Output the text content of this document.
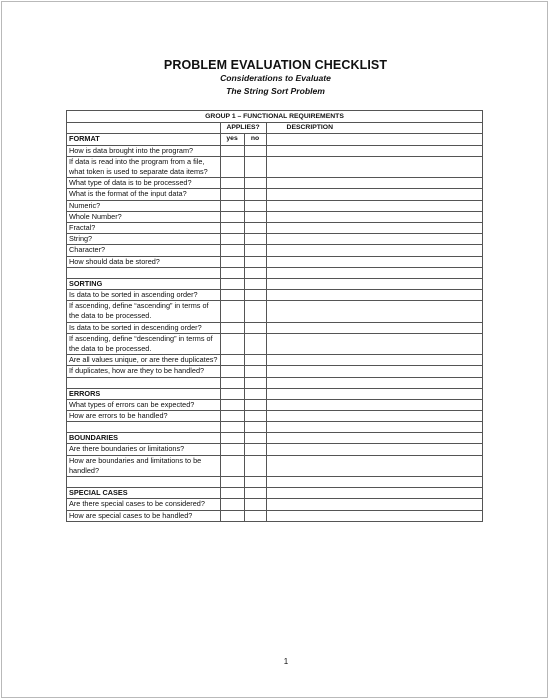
PROBLEM EVALUATION CHECKLIST
Considerations to Evaluate
The String Sort Problem
GROUP 1 – FUNCTIONAL REQUIREMENTS			
	APPLIES?		DESCRIPTION
FORMAT	yes	no	
How is data brought into the program?			
If data is read into the program from a file, what token is used to separate data items?			
What type of data is to be processed?			
What is the format of the input data?			
Numeric?			
Whole Number?			
Fractal?			
String?			
Character?			
How should data be stored?			

SORTING			
Is data to be sorted in ascending order?			
If ascending, define “ascending” in terms of the data to be processed.			
Is data to be sorted in descending order?			
If ascending, define “descending” in terms of the data to be processed.			
Are all values unique, or are there duplicates?			
If duplicates, how are they to be handled?			

ERRORS			
What types of errors can be expected?			
How are errors to be handled?			

BOUNDARIES			
Are there boundaries or limitations?			
How are boundaries and limitations to be handled?			

SPECIAL CASES			
Are there special cases to be considered?			
How are special cases to be handled?			
1
